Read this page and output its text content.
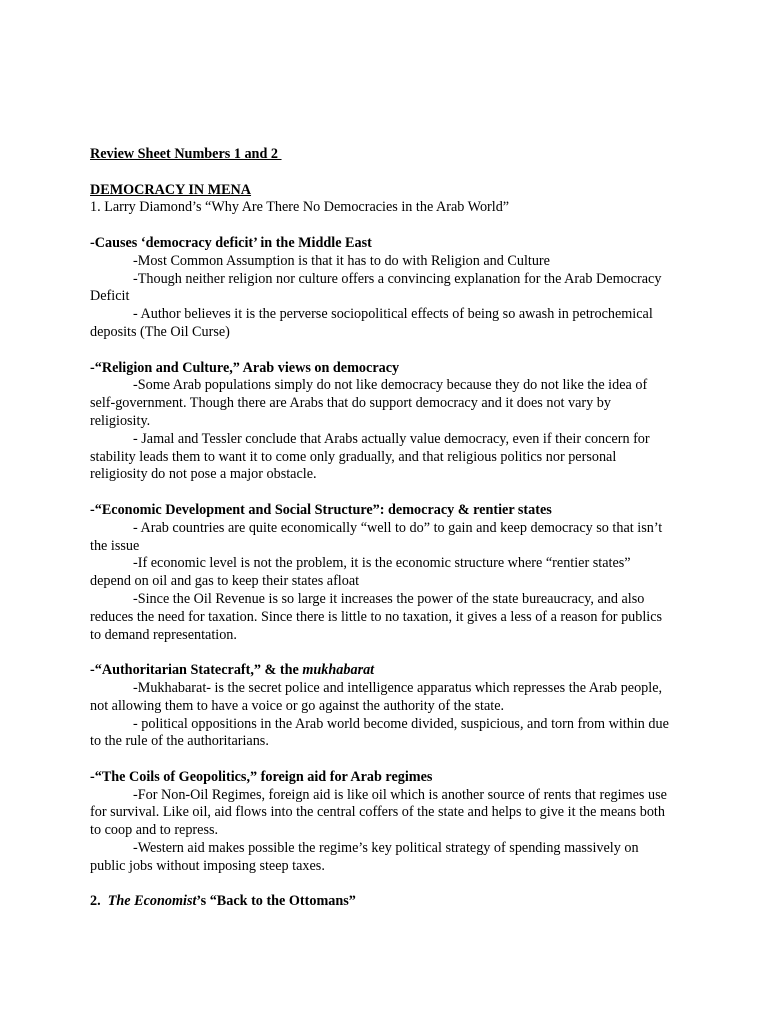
Review Sheet Numbers 1 and 2

DEMOCRACY IN MENA

1. Larry Diamond’s “Why Are There No Democracies in the Arab World”

-Causes ‘democracy deficit’ in the Middle East

-Most Common Assumption is that it has to do with Religion and Culture

-Though neither religion nor culture offers a convincing explanation for the Arab Democracy Deficit

- Author believes it is the perverse sociopolitical effects of being so awash in petrochemical deposits (The Oil Curse)

-“Religion and Culture,” Arab views on democracy

-Some Arab populations simply do not like democracy because they do not like the idea of self-government. Though there are Arabs that do support democracy and it does not vary by religiosity.

- Jamal and Tessler conclude that Arabs actually value democracy, even if their concern for stability leads them to want it to come only gradually, and that religious politics nor personal religiosity do not pose a major obstacle.

-“Economic Development and Social Structure”: democracy & rentier states

- Arab countries are quite economically “well to do” to gain and keep democracy so that isn’t the issue

-If economic level is not the problem, it is the economic structure where “rentier states” depend on oil and gas to keep their states afloat

-Since the Oil Revenue is so large it increases the power of the state bureaucracy, and also reduces the need for taxation. Since there is little to no taxation, it gives a less of a reason for publics to demand representation.

-“Authoritarian Statecraft,” & the mukhabarat

-Mukhabarat- is the secret police and intelligence apparatus which represses the Arab people, not allowing them to have a voice or go against the authority of the state.

- political oppositions in the Arab world become divided, suspicious, and torn from within due to the rule of the authoritarians.

-“The Coils of Geopolitics,” foreign aid for Arab regimes

-For Non-Oil Regimes, foreign aid is like oil which is another source of rents that regimes use for survival. Like oil, aid flows into the central coffers of the state and helps to give it the means both to coop and to repress.

-Western aid makes possible the regime’s key political strategy of spending massively on public jobs without imposing steep taxes.

2.  The Economist’s “Back to the Ottomans”
